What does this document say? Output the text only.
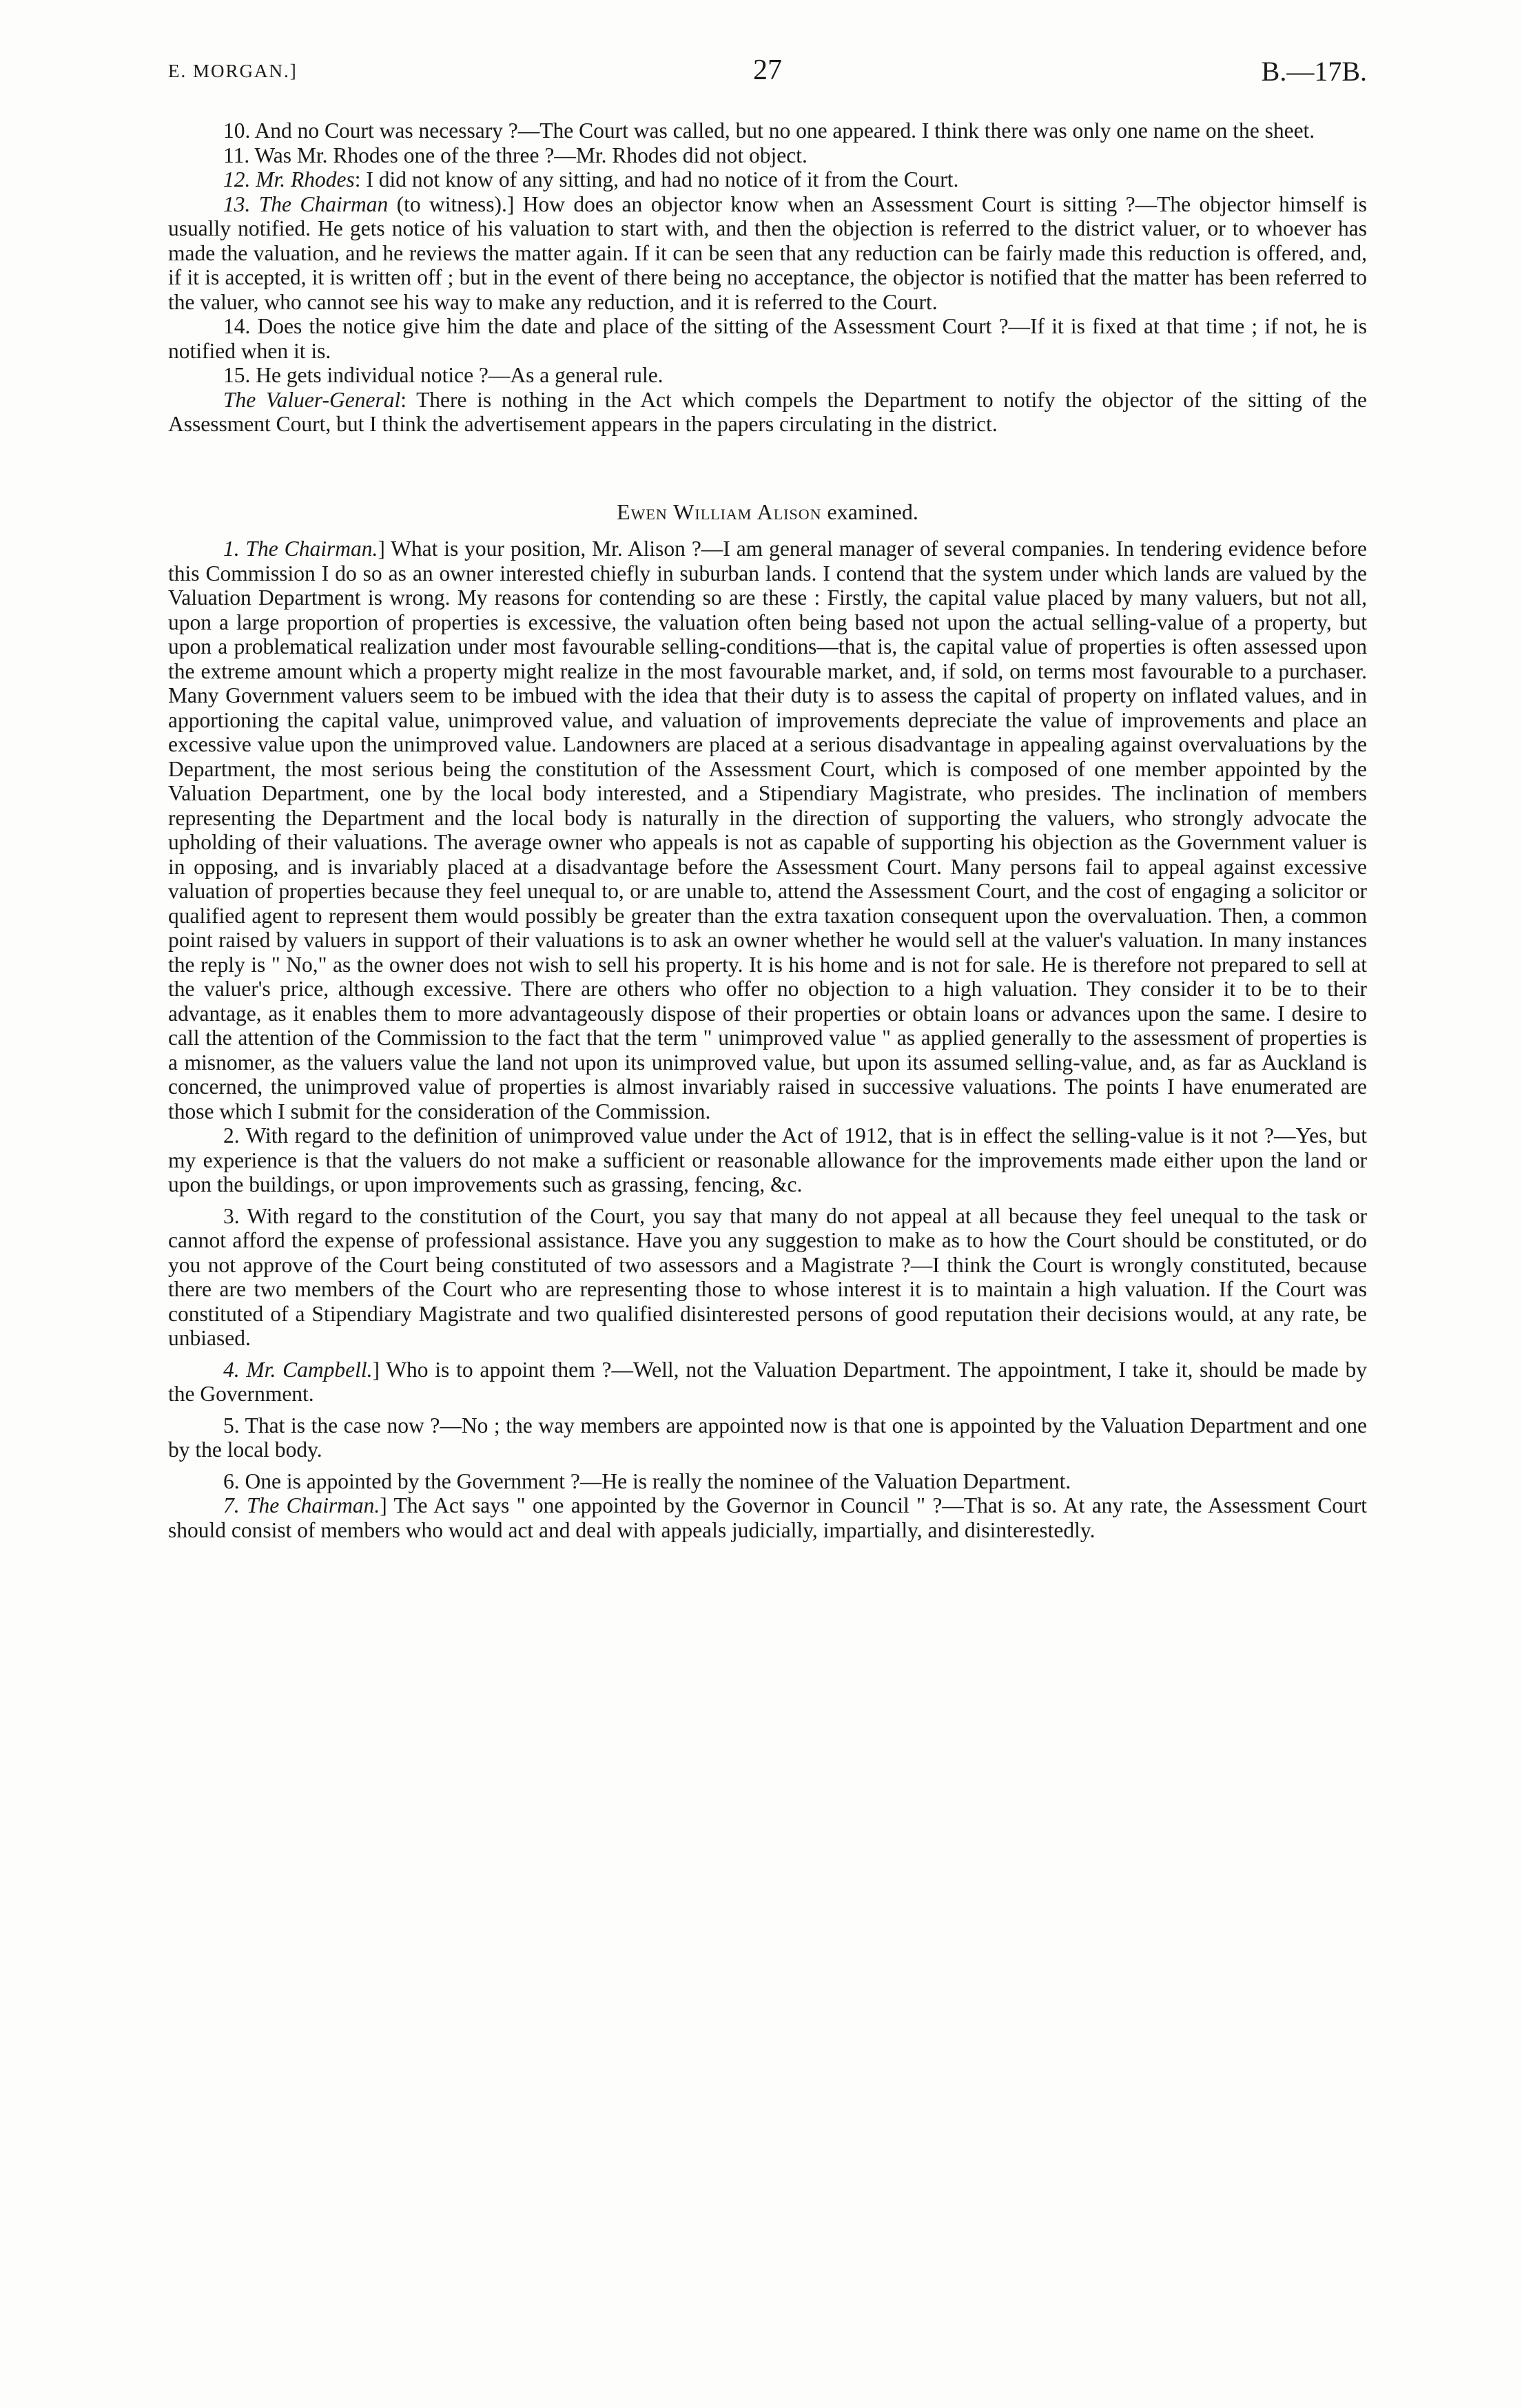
E. MORGAN.]	27	B.—17B.

10. And no Court was necessary ?—The Court was called, but no one appeared. I think there was only one name on the sheet.

11. Was Mr. Rhodes one of the three ?—Mr. Rhodes did not object.

12. Mr. Rhodes: I did not know of any sitting, and had no notice of it from the Court.

13. The Chairman (to witness).] How does an objector know when an Assessment Court is sitting ?—The objector himself is usually notified. He gets notice of his valuation to start with, and then the objection is referred to the district valuer, or to whoever has made the valuation, and he reviews the matter again. If it can be seen that any reduction can be fairly made this reduction is offered, and, if it is accepted, it is written off ; but in the event of there being no acceptance, the objector is notified that the matter has been referred to the valuer, who cannot see his way to make any reduction, and it is referred to the Court.

14. Does the notice give him the date and place of the sitting of the Assessment Court ?—If it is fixed at that time ; if not, he is notified when it is.

15. He gets individual notice ?—As a general rule.

The Valuer-General: There is nothing in the Act which compels the Department to notify the objector of the sitting of the Assessment Court, but I think the advertisement appears in the papers circulating in the district.

Ewen William Alison examined.

1. The Chairman.] What is your position, Mr. Alison ?—I am general manager of several companies. In tendering evidence before this Commission I do so as an owner interested chiefly in suburban lands. I contend that the system under which lands are valued by the Valuation Department is wrong. My reasons for contending so are these : Firstly, the capital value placed by many valuers, but not all, upon a large proportion of properties is excessive, the valuation often being based not upon the actual selling-value of a property, but upon a problematical realization under most favourable selling-conditions—that is, the capital value of properties is often assessed upon the extreme amount which a property might realize in the most favourable market, and, if sold, on terms most favourable to a purchaser. Many Government valuers seem to be imbued with the idea that their duty is to assess the capital of property on inflated values, and in apportioning the capital value, unimproved value, and valuation of improvements depreciate the value of improvements and place an excessive value upon the unimproved value. Landowners are placed at a serious disadvantage in appealing against overvaluations by the Department, the most serious being the constitution of the Assessment Court, which is composed of one member appointed by the Valuation Department, one by the local body interested, and a Stipendiary Magistrate, who presides. The inclination of members representing the Department and the local body is naturally in the direction of supporting the valuers, who strongly advocate the upholding of their valuations. The average owner who appeals is not as capable of supporting his objection as the Government valuer is in opposing, and is invariably placed at a disadvantage before the Assessment Court. Many persons fail to appeal against excessive valuation of properties because they feel unequal to, or are unable to, attend the Assessment Court, and the cost of engaging a solicitor or qualified agent to represent them would possibly be greater than the extra taxation consequent upon the overvaluation. Then, a common point raised by valuers in support of their valuations is to ask an owner whether he would sell at the valuer's valuation. In many instances the reply is " No," as the owner does not wish to sell his property. It is his home and is not for sale. He is therefore not prepared to sell at the valuer's price, although excessive. There are others who offer no objection to a high valuation. They consider it to be to their advantage, as it enables them to more advantageously dispose of their properties or obtain loans or advances upon the same. I desire to call the attention of the Commission to the fact that the term " unimproved value " as applied generally to the assessment of properties is a misnomer, as the valuers value the land not upon its unimproved value, but upon its assumed selling-value, and, as far as Auckland is concerned, the unimproved value of properties is almost invariably raised in successive valuations. The points I have enumerated are those which I submit for the consideration of the Commission.

2. With regard to the definition of unimproved value under the Act of 1912, that is in effect the selling-value is it not ?—Yes, but my experience is that the valuers do not make a sufficient or reasonable allowance for the improvements made either upon the land or upon the buildings, or upon improvements such as grassing, fencing, &c.

3. With regard to the constitution of the Court, you say that many do not appeal at all because they feel unequal to the task or cannot afford the expense of professional assistance. Have you any suggestion to make as to how the Court should be constituted, or do you not approve of the Court being constituted of two assessors and a Magistrate ?—I think the Court is wrongly constituted, because there are two members of the Court who are representing those to whose interest it is to maintain a high valuation. If the Court was constituted of a Stipendiary Magistrate and two qualified disinterested persons of good reputation their decisions would, at any rate, be unbiased.

4. Mr. Campbell.] Who is to appoint them ?—Well, not the Valuation Department. The appointment, I take it, should be made by the Government.

5. That is the case now ?—No ; the way members are appointed now is that one is appointed by the Valuation Department and one by the local body.

6. One is appointed by the Government ?—He is really the nominee of the Valuation Department.

7. The Chairman.] The Act says " one appointed by the Governor in Council " ?—That is so. At any rate, the Assessment Court should consist of members who would act and deal with appeals judicially, impartially, and disinterestedly.
